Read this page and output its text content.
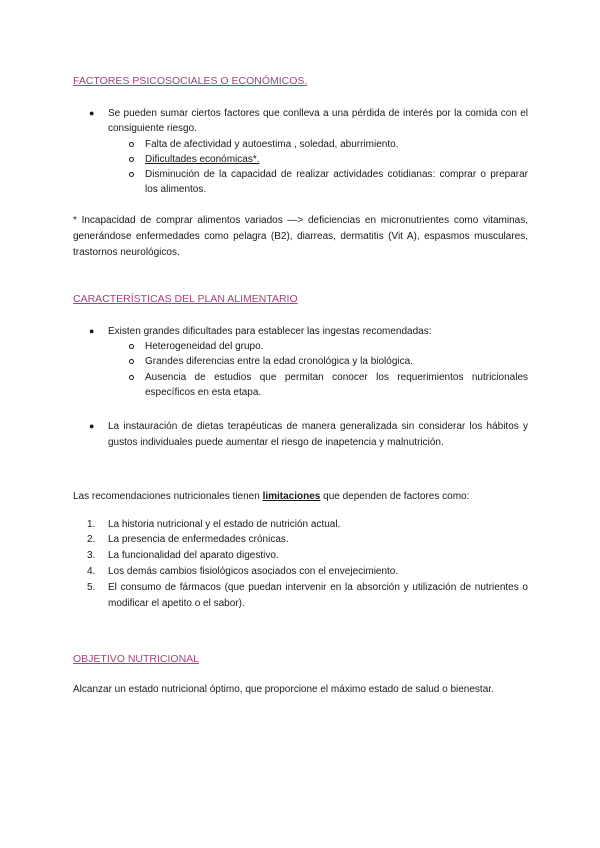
FACTORES PSICOSOCIALES O ECONÓMICOS.
● Se pueden sumar ciertos factores que conlleva a una pérdida de interés por la comida con el
consiguiente riesgo.
Falta de afectividad y autoestima , soledad, aburrimiento.
Dificultades económicas*.
Disminución de la capacidad de realizar actividades cotidianas: comprar o preparar
los alimentos.
* Incapacidad de comprar alimentos variados —> deficiencias en micronutrientes como vitaminas,
generándose enfermedades como pelagra (B2), diarreas, dermatitis (Vit A), espasmos musculares,
trastornos neurológicos.
CARACTERÍSTICAS DEL PLAN ALIMENTARIO
● Existen grandes dificultades para establecer las ingestas recomendadas:
Heterogeneidad del grupo.
Grandes diferencias entre la edad cronológica y la biológica.
Ausencia de estudios que permitan conocer los requerimientos nutricionales
específicos en esta etapa.
● La instauración de dietas terapéuticas de manera generalizada sin considerar los hábitos y
gustos individuales puede aumentar el riesgo de inapetencia y malnutrición.
Las recomendaciones nutricionales tienen limitaciones que dependen de factores como:
1. La historia nutricional y el estado de nutrición actual.
2. La presencia de enfermedades crónicas.
3. La funcionalidad del aparato digestivo.
4. Los demás cambios fisiológicos asociados con el envejecimiento.
5. El consumo de fármacos (que puedan intervenir en la absorción y utilización de nutrientes o
modificar el apetito o el sabor).
OBJETIVO NUTRICIONAL
Alcanzar un estado nutricional óptimo, que proporcione el máximo estado de salud o bienestar.
